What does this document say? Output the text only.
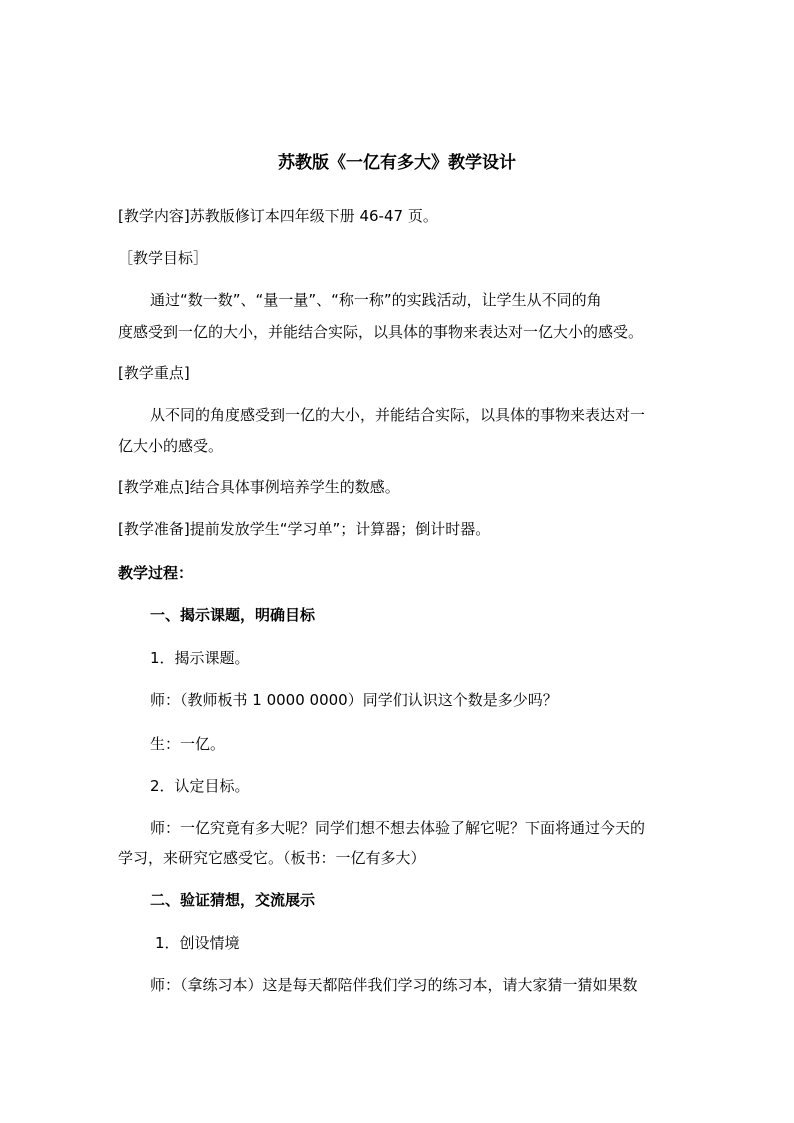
苏教版《一亿有多大》教学设计
[教学内容]苏教版修订本四年级下册 46-47 页。
［教学目标］
通过“数一数”、“量一量”、“称一称”的实践活动，让学生从不同的角
度感受到一亿的大小，并能结合实际，以具体的事物来表达对一亿大小的感受。
[教学重点]
从不同的角度感受到一亿的大小，并能结合实际，以具体的事物来表达对一
亿大小的感受。
[教学难点]结合具体事例培养学生的数感。
[教学准备]提前发放学生“学习单”；计算器；倒计时器。
教学过程：
一、揭示课题，明确目标
1．揭示课题。
师：（教师板书 1 0000 0000）同学们认识这个数是多少吗？
生：一亿。
2．认定目标。
师：一亿究竟有多大呢？同学们想不想去体验了解它呢？下面将通过今天的
学习，来研究它感受它。（板书：一亿有多大）
二、验证猜想，交流展示
1．创设情境
师：（拿练习本）这是每天都陪伴我们学习的练习本，请大家猜一猜如果数
